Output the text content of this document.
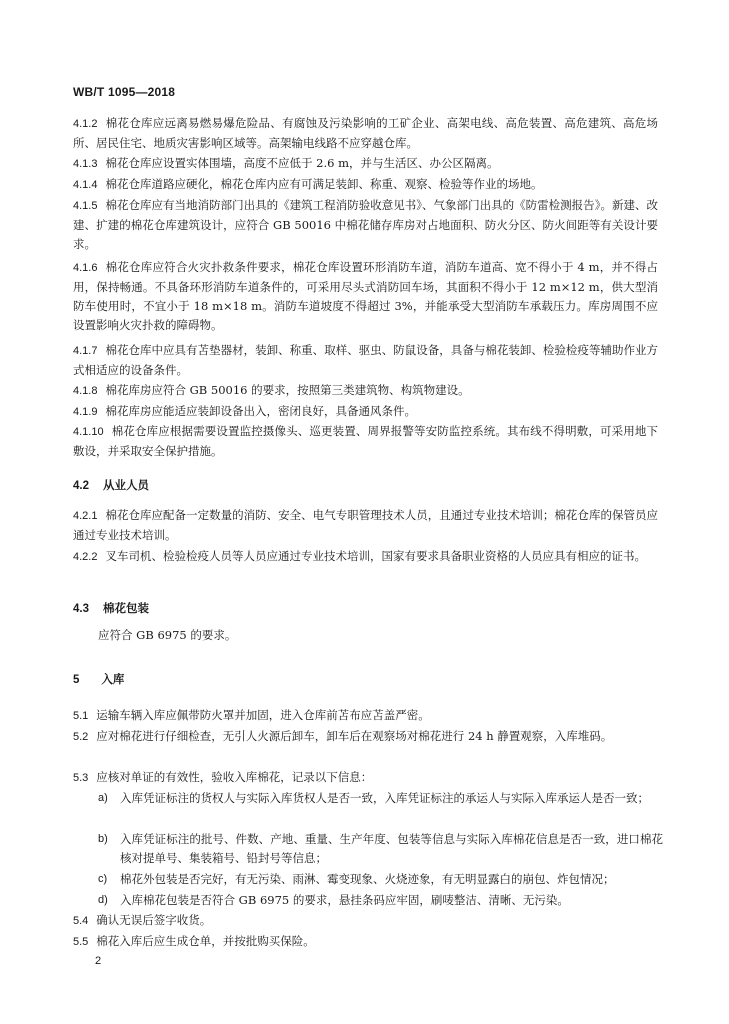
WB/T 1095—2018
4.1.2 棉花仓库应远离易燃易爆危险品、有腐蚀及污染影响的工矿企业、高架电线、高危装置、高危建筑、高危场所、居民住宅、地质灾害影响区域等。高架输电线路不应穿越仓库。
4.1.3 棉花仓库应设置实体围墙，高度不应低于 2.6 m，并与生活区、办公区隔离。
4.1.4 棉花仓库道路应硬化，棉花仓库内应有可满足装卸、称重、观察、检验等作业的场地。
4.1.5 棉花仓库应有当地消防部门出具的《建筑工程消防验收意见书》、气象部门出具的《防雷检测报告》。新建、改建、扩建的棉花仓库建筑设计，应符合 GB 50016 中棉花储存库房对占地面积、防火分区、防火间距等有关设计要求。
4.1.6 棉花仓库应符合火灾扑救条件要求，棉花仓库设置环形消防车道，消防车道高、宽不得小于 4 m，并不得占用，保持畅通。不具备环形消防车道条件的，可采用尽头式消防回车场，其面积不得小于 12 m×12 m，供大型消防车使用时，不宜小于 18 m×18 m。消防车道坡度不得超过 3%，并能承受大型消防车承载压力。库房周围不应设置影响火灾扑救的障碍物。
4.1.7 棉花仓库中应具有苫垫器材，装卸、称重、取样、驱虫、防鼠设备，具备与棉花装卸、检验检疫等辅助作业方式相适应的设备条件。
4.1.8 棉花库房应符合 GB 50016 的要求，按照第三类建筑物、构筑物建设。
4.1.9 棉花库房应能适应装卸设备出入，密闭良好，具备通风条件。
4.1.10 棉花仓库应根据需要设置监控摄像头、巡更装置、周界报警等安防监控系统。其布线不得明敷，可采用地下敷设，并采取安全保护措施。
4.2 从业人员
4.2.1 棉花仓库应配备一定数量的消防、安全、电气专职管理技术人员，且通过专业技术培训；棉花仓库的保管员应通过专业技术培训。
4.2.2 叉车司机、检验检疫人员等人员应通过专业技术培训，国家有要求具备职业资格的人员应具有相应的证书。
4.3 棉花包装
应符合 GB 6975 的要求。
5 入库
5.1 运输车辆入库应佩带防火罩并加固，进入仓库前苫布应苫盖严密。
5.2 应对棉花进行仔细检查，无引人火源后卸车，卸车后在观察场对棉花进行 24 h 静置观察，入库堆码。
5.3 应核对单证的有效性，验收入库棉花，记录以下信息：
a)	入库凭证标注的货权人与实际入库货权人是否一致，入库凭证标注的承运人与实际入库承运人是否一致；
b)	入库凭证标注的批号、件数、产地、重量、生产年度、包装等信息与实际入库棉花信息是否一致，进口棉花核对提单号、集装箱号、铅封号等信息；
c)	棉花外包装是否完好，有无污染、雨淋、霉变现象、火烧迹象，有无明显露白的崩包、炸包情况；
d)	入库棉花包装是否符合 GB 6975 的要求，悬挂条码应牢固，刷唛整洁、清晰、无污染。
5.4 确认无误后签字收货。
5.5 棉花入库后应生成仓单，并按批购买保险。
2
